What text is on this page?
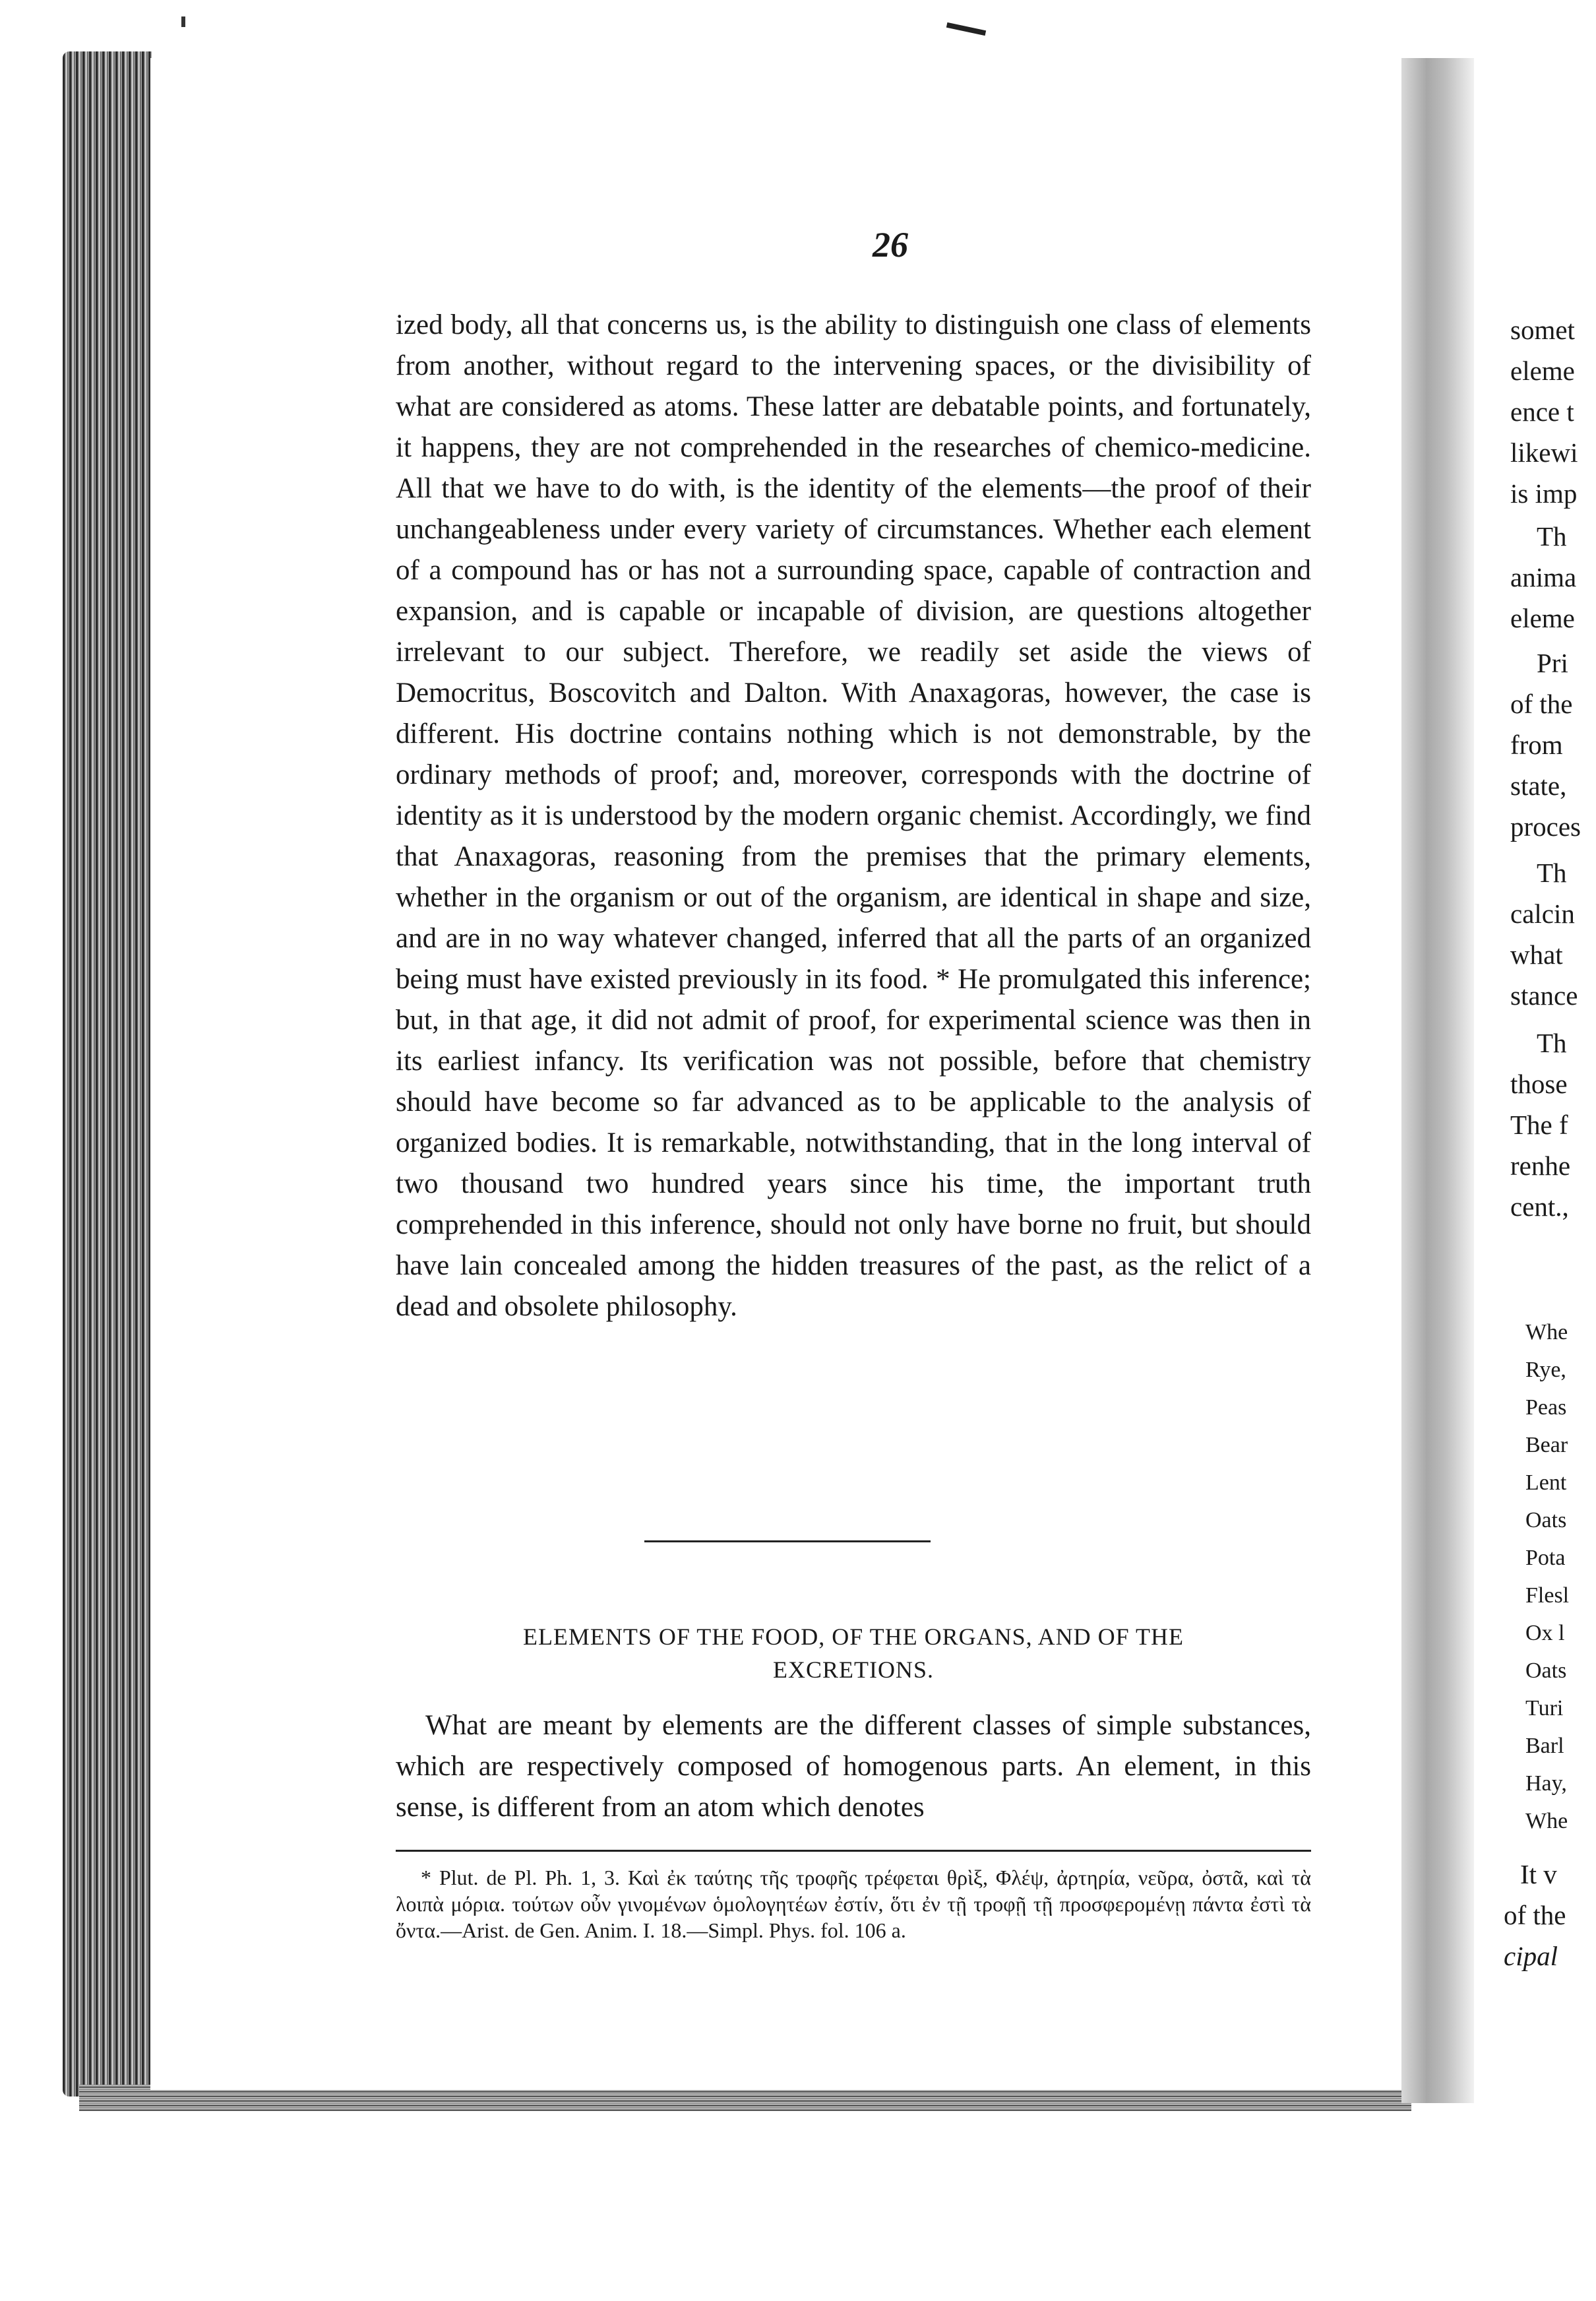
26

ized body, all that concerns us, is the ability to distinguish one class of elements from another, without regard to the intervening spaces, or the divisibility of what are considered as atoms. These latter are debatable points, and fortunately, it happens, they are not comprehended in the researches of chemico-medicine. All that we have to do with, is the identity of the elements—the proof of their unchangeableness under every variety of circumstances. Whether each element of a compound has or has not a surrounding space, capable of contraction and expansion, and is capable or incapable of division, are questions altogether irrelevant to our subject. Therefore, we readily set aside the views of Democritus, Boscovitch and Dalton. With Anaxagoras, however, the case is different. His doctrine contains nothing which is not demonstrable, by the ordinary methods of proof; and, moreover, corresponds with the doctrine of identity as it is understood by the modern organic chemist. Accordingly, we find that Anaxagoras, reasoning from the premises that the primary elements, whether in the organism or out of the organism, are identical in shape and size, and are in no way whatever changed, inferred that all the parts of an organized being must have existed previously in its food. * He promulgated this inference; but, in that age, it did not admit of proof, for experimental science was then in its earliest infancy. Its verification was not possible, before that chemistry should have become so far advanced as to be applicable to the analysis of organized bodies. It is remarkable, notwithstanding, that in the long interval of two thousand two hundred years since his time, the important truth comprehended in this inference, should not only have borne no fruit, but should have lain concealed among the hidden treasures of the past, as the relict of a dead and obsolete philosophy.

ELEMENTS OF THE FOOD, OF THE ORGANS, AND OF THE
EXCRETIONS.
What are meant by elements are the different classes of simple substances, which are respectively composed of homogenous parts. An element, in this sense, is different from an atom which denotes
* Plut. de Pl. Ph. 1, 3. Καὶ ἐκ ταύτης τῆς τροφῆς τρέφεται θρὶξ, Φλέψ, ἀρτηρία, νεῦρα, ὀστᾶ, καὶ τὰ λοιπὰ μόρια. τούτων οὖν γινομένων ὁμολογητέων ἐστίν, ὅτι ἐν τῇ τροφῇ τῇ προσφερομένῃ πάντα ἐστὶ τὰ ὄντα.—Arist. de Gen. Anim. I. 18.—Simpl. Phys. fol. 106 a.
somet
eleme
ence t
likewi
is imp
Th
anima
eleme
Pri
of the
from
state,
proces
Th
calcin
what
stance
Th
those
The f
renhe
cent.,
Whe
Rye,
Peas
Bear
Lent
Oats
Pota
Flesl
Ox l
Oats
Turi
Barl
Hay,
Whe
It v
of the
cipal
